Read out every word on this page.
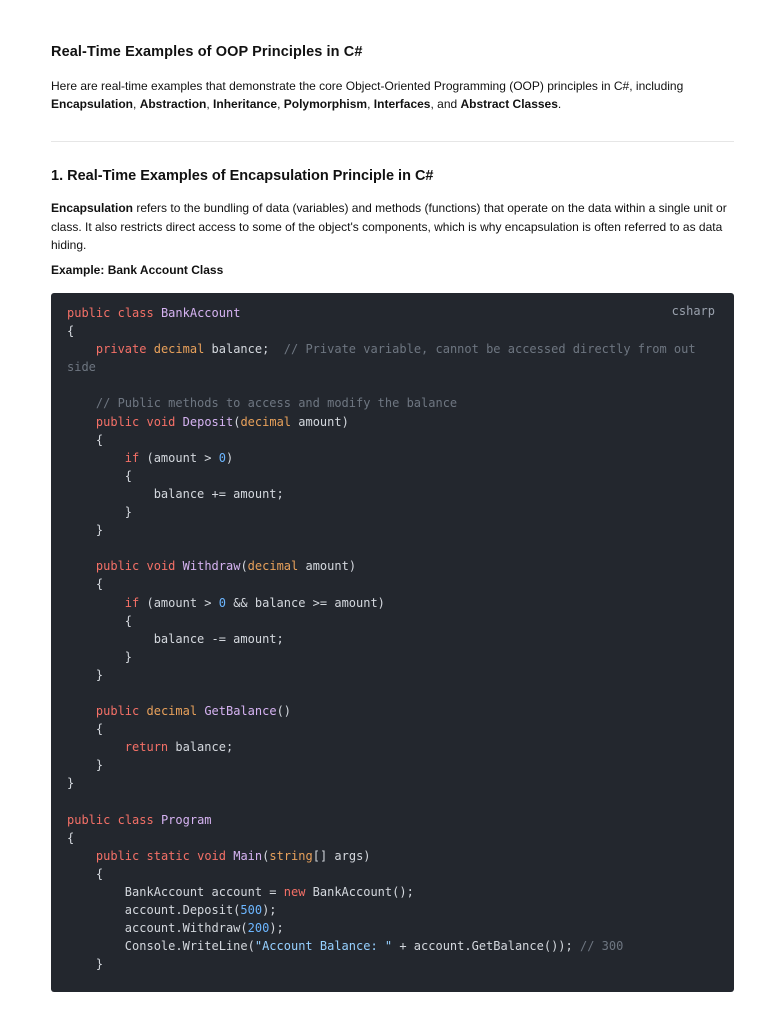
Real-Time Examples of OOP Principles in C#

Here are real-time examples that demonstrate the core Object-Oriented Programming (OOP) principles in C#, including Encapsulation, Abstraction, Inheritance, Polymorphism, Interfaces, and Abstract Classes.

1. Real-Time Examples of Encapsulation Principle in C#

Encapsulation refers to the bundling of data (variables) and methods (functions) that operate on the data within a single unit or class. It also restricts direct access to some of the object's components, which is why encapsulation is often referred to as data hiding.

Example: Bank Account Class

csharp
public class BankAccount
{
private decimal balance;  // Private variable, cannot be accessed directly from out
side

// Public methods to access and modify the balance
public void Deposit(decimal amount)
{
if (amount > 0)
{
balance += amount;
}
}

public void Withdraw(decimal amount)
{
if (amount > 0 && balance >= amount)
{
balance -= amount;
}
}

public decimal GetBalance()
{
return balance;
}
}

public class Program
{
public static void Main(string[] args)
{
BankAccount account = new BankAccount();
account.Deposit(500);
account.Withdraw(200);
Console.WriteLine("Account Balance: " + account.GetBalance()); // 300
}
